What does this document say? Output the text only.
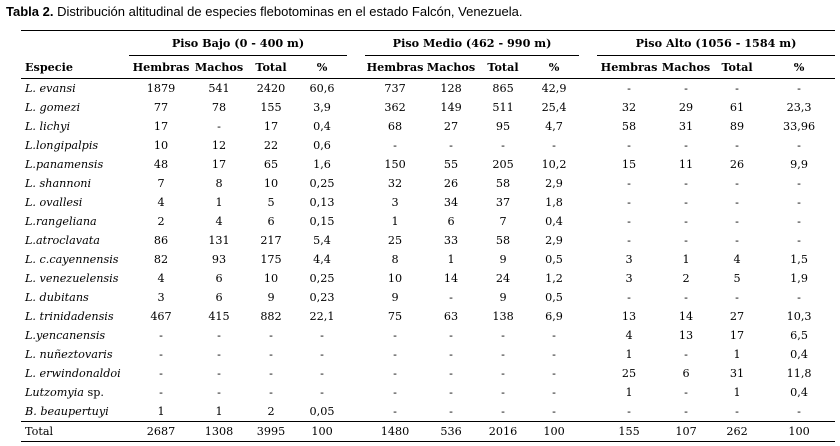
Tabla 2. Distribución altitudinal de especies flebotominas en el estado Falcón, Venezuela.
	Piso Bajo (0 - 400 m)					Piso Medio (462 - 990 m)					Piso Alto (1056 - 1584 m)			
Especie	Hembras	Machos	Total	%		Hembras	Machos	Total	%		Hembras	Machos	Total	%
L. evansi	1879	541	2420	60,6		737	128	865	42,9		-	-	-	-
L. gomezi	77	78	155	3,9		362	149	511	25,4		32	29	61	23,3
L. lichyi	17	-	17	0,4		68	27	95	4,7		58	31	89	33,96
L.longipalpis	10	12	22	0,6		-	-	-	-		-	-	-	-
L.panamensis	48	17	65	1,6		150	55	205	10,2		15	11	26	9,9
L. shannoni	7	8	10	0,25		32	26	58	2,9		-	-	-	-
L. ovallesi	4	1	5	0,13		3	34	37	1,8		-	-	-	-
L.rangeliana	2	4	6	0,15		1	6	7	0,4		-	-	-	-
L.atroclavata	86	131	217	5,4		25	33	58	2,9		-	-	-	-
L. c.cayennensis	82	93	175	4,4		8	1	9	0,5		3	1	4	1,5
L. venezuelensis	4	6	10	0,25		10	14	24	1,2		3	2	5	1,9
L. dubitans	3	6	9	0,23		9	-	9	0,5		-	-	-	-
L. trinidadensis	467	415	882	22,1		75	63	138	6,9		13	14	27	10,3
L.yencanensis	-	-	-	-		-	-	-	-		4	13	17	6,5
L. nuñeztovaris	-	-	-	-		-	-	-	-		1	-	1	0,4
L. erwindonaldoi	-	-	-	-		-	-	-	-		25	6	31	11,8
Lutzomyia sp.	-	-	-	-		-	-	-	-		1	-	1	0,4
B. beaupertuyi	1	1	2	0,05		-	-	-	-		-	-	-	-
Total	2687	1308	3995	100		1480	536	2016	100		155	107	262	100
